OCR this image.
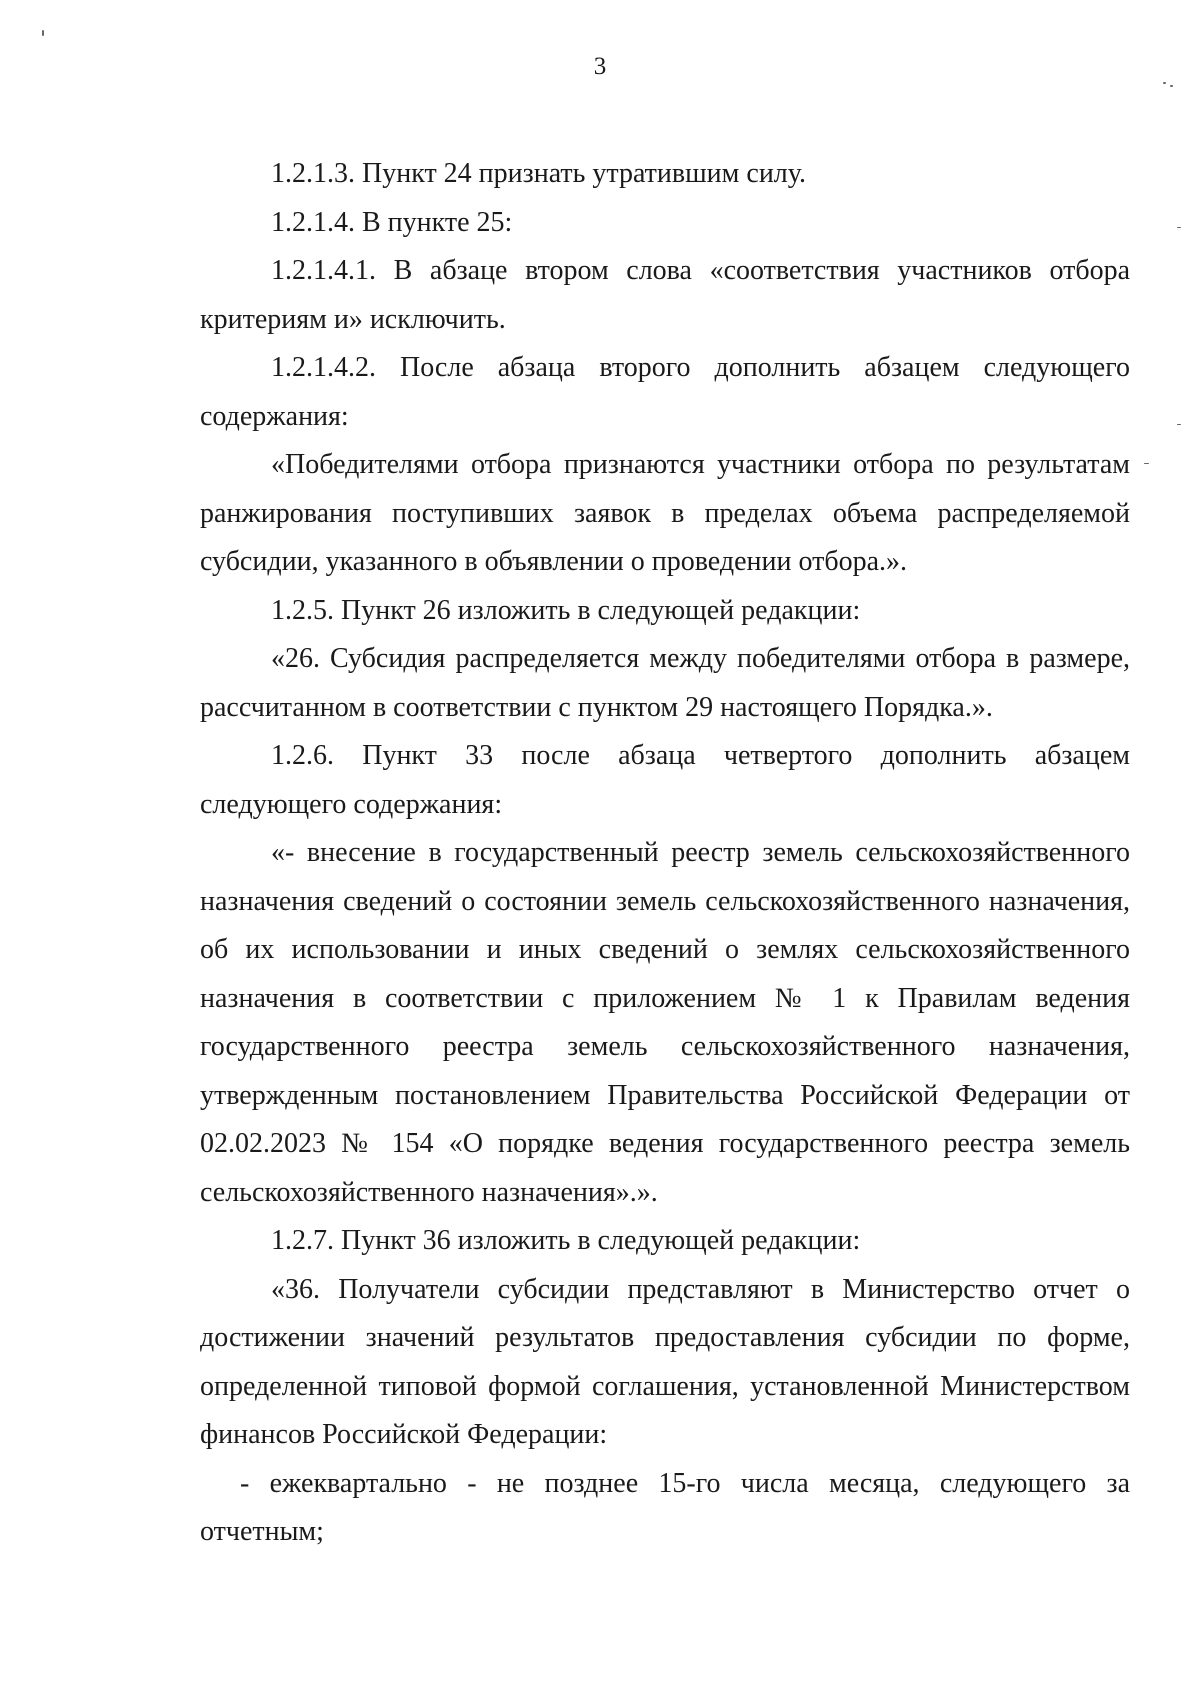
3

1.2.1.3. Пункт 24 признать утратившим силу.

1.2.1.4. В пункте 25:

1.2.1.4.1. В абзаце втором слова «соответствия участников отбора критериям и» исключить.

1.2.1.4.2. После абзаца второго дополнить абзацем следующего содержания:

«Победителями отбора признаются участники отбора по результатам ранжирования поступивших заявок в пределах объема распределяемой субсидии, указанного в объявлении о проведении отбора.».

1.2.5. Пункт 26 изложить в следующей редакции:

«26. Субсидия распределяется между победителями отбора в размере, рассчитанном в соответствии с пунктом 29 настоящего Порядка.».

1.2.6. Пункт 33 после абзаца четвертого дополнить абзацем следующего содержания:

«- внесение в государственный реестр земель сельскохозяйственного назначения сведений о состоянии земель сельскохозяйственного назначения, об их использовании и иных сведений о землях сельскохозяйственного назначения в соответствии с приложением № 1 к Правилам ведения государственного реестра земель сельскохозяйственного назначения, утвержденным постановлением Правительства Российской Федерации от 02.02.2023 № 154 «О порядке ведения государственного реестра земель сельскохозяйственного назначения».».

1.2.7. Пункт 36 изложить в следующей редакции:

«36. Получатели субсидии представляют в Министерство отчет о достижении значений результатов предоставления субсидии по форме, определенной типовой формой соглашения, установленной Министерством финансов Российской Федерации:

- ежеквартально - не позднее 15-го числа месяца, следующего за отчетным;
